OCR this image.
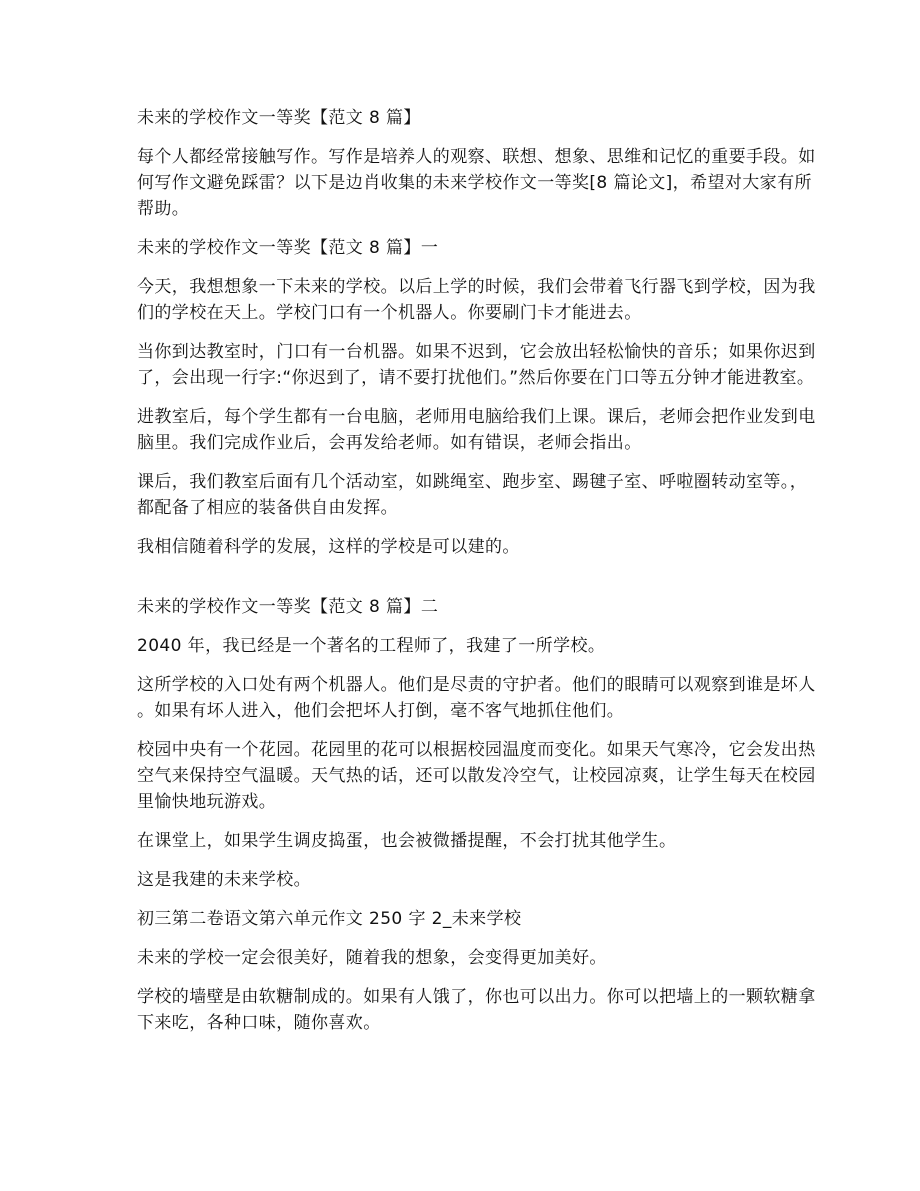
未来的学校作文一等奖【范文 8 篇】
每个人都经常接触写作。写作是培养人的观察、联想、想象、思维和记忆的重要手段。如
何写作文避免踩雷？以下是边肖收集的未来学校作文一等奖[8 篇论文]，希望对大家有所
帮助。
未来的学校作文一等奖【范文 8 篇】一
今天，我想想象一下未来的学校。以后上学的时候，我们会带着飞行器飞到学校，因为我
们的学校在天上。学校门口有一个机器人。你要刷门卡才能进去。
当你到达教室时，门口有一台机器。如果不迟到，它会放出轻松愉快的音乐；如果你迟到
了，会出现一行字:“你迟到了，请不要打扰他们。”然后你要在门口等五分钟才能进教室。
进教室后，每个学生都有一台电脑，老师用电脑给我们上课。课后，老师会把作业发到电
脑里。我们完成作业后，会再发给老师。如有错误，老师会指出。
课后，我们教室后面有几个活动室，如跳绳室、跑步室、踢毽子室、呼啦圈转动室等。，
都配备了相应的装备供自由发挥。
我相信随着科学的发展，这样的学校是可以建的。
未来的学校作文一等奖【范文 8 篇】二
2040 年，我已经是一个著名的工程师了，我建了一所学校。
这所学校的入口处有两个机器人。他们是尽责的守护者。他们的眼睛可以观察到谁是坏人
。如果有坏人进入，他们会把坏人打倒，毫不客气地抓住他们。
校园中央有一个花园。花园里的花可以根据校园温度而变化。如果天气寒冷，它会发出热
空气来保持空气温暖。天气热的话，还可以散发冷空气，让校园凉爽，让学生每天在校园
里愉快地玩游戏。
在课堂上，如果学生调皮捣蛋，也会被微播提醒，不会打扰其他学生。
这是我建的未来学校。
初三第二卷语文第六单元作文 250 字 2_未来学校
未来的学校一定会很美好，随着我的想象，会变得更加美好。
学校的墙壁是由软糖制成的。如果有人饿了，你也可以出力。你可以把墙上的一颗软糖拿
下来吃，各种口味，随你喜欢。
